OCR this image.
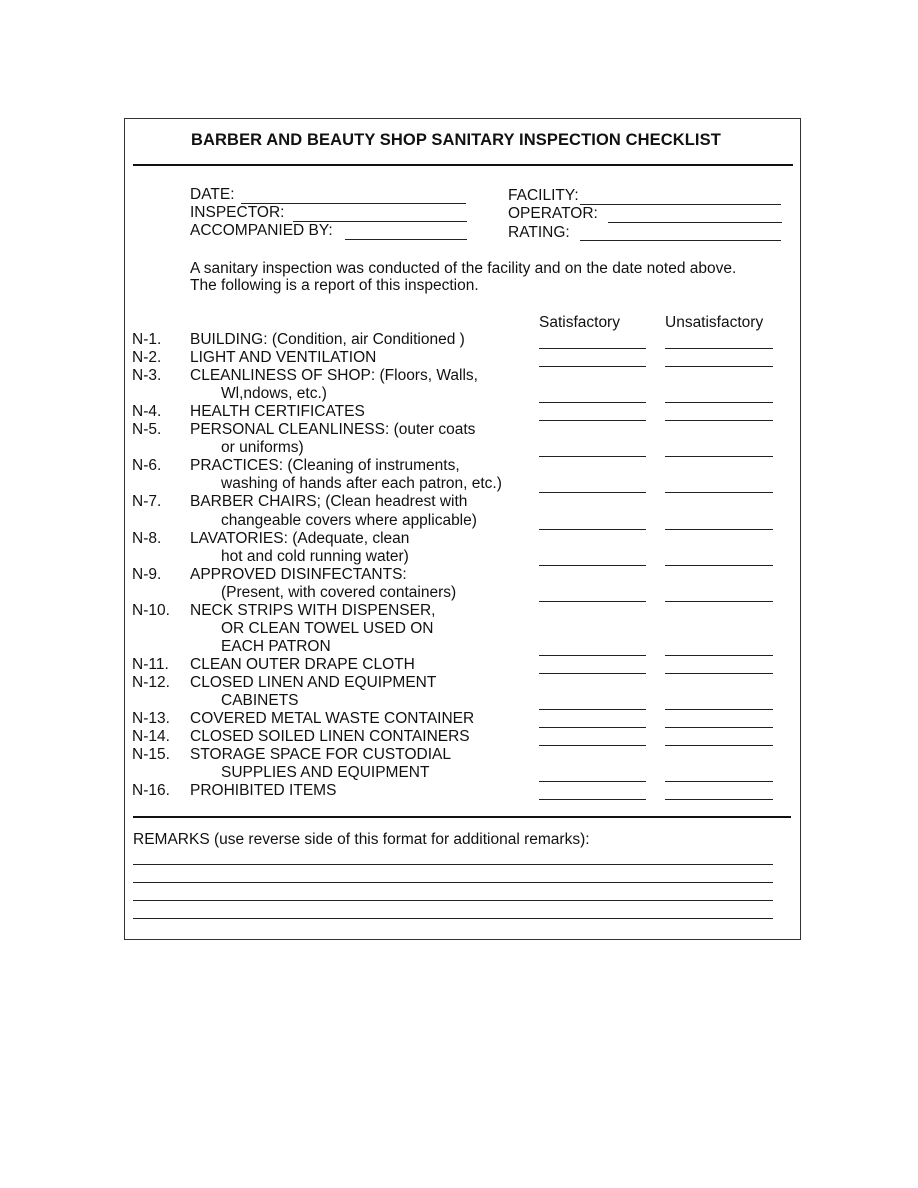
BARBER AND BEAUTY SHOP SANITARY INSPECTION CHECKLIST
DATE:
INSPECTOR:
ACCOMPANIED BY:
FACILITY:
OPERATOR:
RATING:
A sanitary inspection was conducted of the facility and on the date noted above.
The following is a report of this inspection.
Satisfactory	Unsatisfactory
N-1. BUILDING: (Condition, air Conditioned )
N-2. LIGHT AND VENTILATION
N-3. CLEANLINESS OF SHOP: (Floors, Walls,
Wl,ndows, etc.)
N-4. HEALTH CERTIFICATES
N-5. PERSONAL CLEANLINESS: (outer coats
or uniforms)
N-6. PRACTICES: (Cleaning of instruments,
washing of hands after each patron, etc.)
N-7. BARBER CHAIRS; (Clean headrest with
changeable covers where applicable)
N-8. LAVATORIES: (Adequate, clean
hot and cold running water)
N-9. APPROVED DISINFECTANTS:
(Present, with covered containers)
N-10. NECK STRIPS WITH DISPENSER,
OR CLEAN TOWEL USED ON
EACH PATRON
N-11. CLEAN OUTER DRAPE CLOTH
N-12. CLOSED LINEN AND EQUIPMENT
CABINETS
N-13. COVERED METAL WASTE CONTAINER
N-14. CLOSED SOILED LINEN CONTAINERS
N-15. STORAGE SPACE FOR CUSTODIAL
SUPPLIES AND EQUIPMENT
N-16. PROHIBITED ITEMS
REMARKS (use reverse side of this format for additional remarks):
